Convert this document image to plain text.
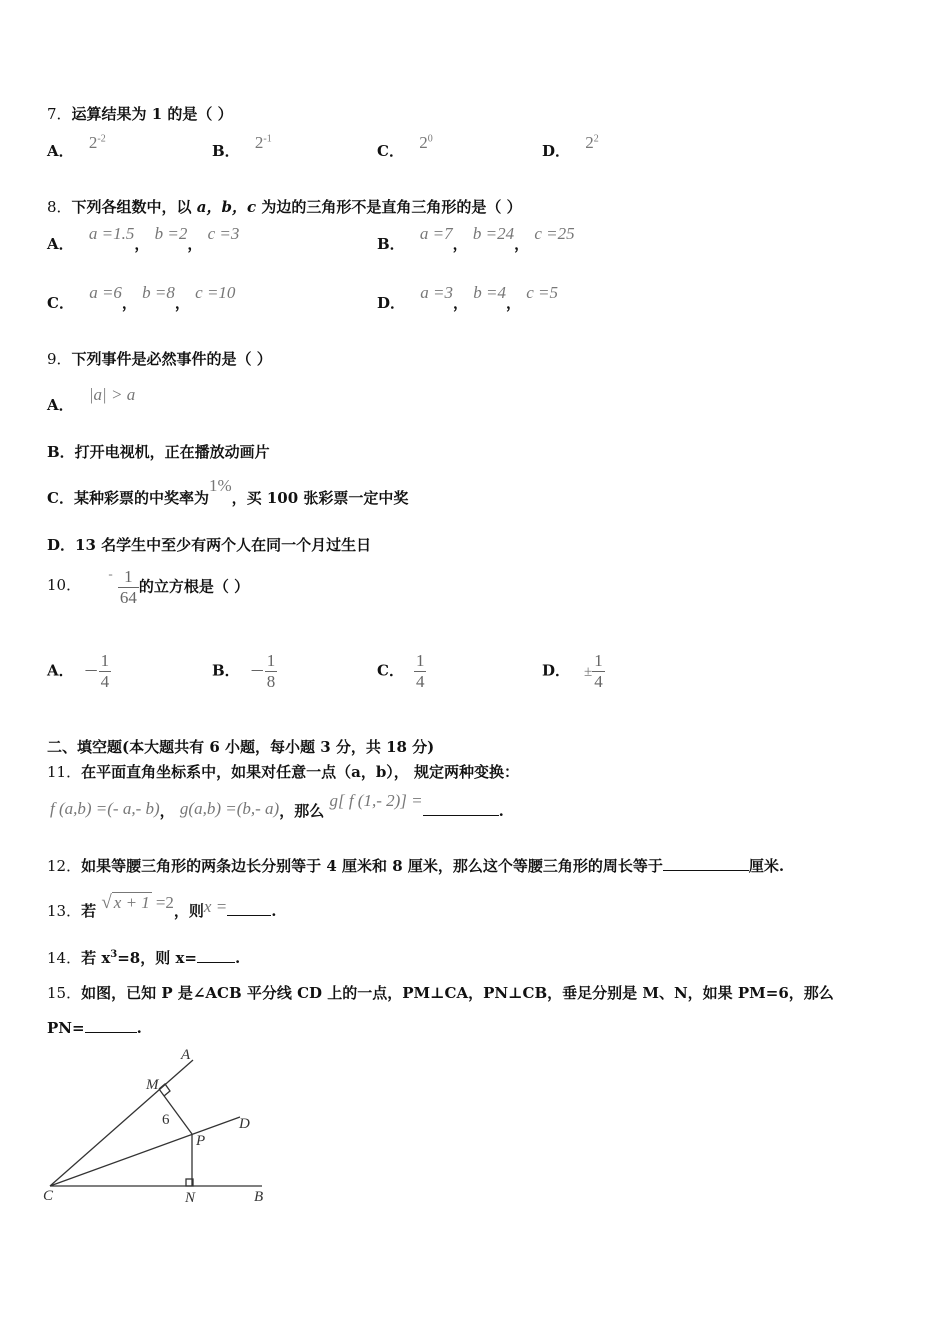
7．运算结果为 1 的是（ ）
A． $2^{-2}$
B． $2^{-1}$
C． $2^0$
D． $2^2$
8．下列各组数中，以 a，b，c 为边的三角形不是直角三角形的是（ ）
A． a =1.5， b =2， c =3
B． a =7， b =24， c =25
C． a =6， b =8， c =10
D． a =3， b =4， c =5
9．下列事件是必然事件的是（ ）
A． |a| > a
B．打开电视机，正在播放动画片
C．某种彩票的中奖率为1%，买 100 张彩票一定中奖
D．13 名学生中至少有两个人在同一个月过生日
10． - $\frac{1}{64}$ 的立方根是（ ）
A． － $\frac{1}{4}$	B． － $\frac{1}{8}$	C． $\frac{1}{4}$	D． ± $\frac{1}{4}$
二、填空题(本大题共有 6 小题，每小题 3 分，共 18 分)
11．在平面直角坐标系中，如果对任意一点（a，b）， 规定两种变换：
f (a,b) =(- a,- b)， g(a,b) =(b,- a)，那么 g[ f (1,- 2)] =.
12．如果等腰三角形的两条边长分别等于 4 厘米和 8 厘米，那么这个等腰三角形的周长等于	厘米.
13．若 √ x + 1 =2，则x =	.
14．若 $x^3=8$，则 x=	.
15．如图，已知 P 是∠ACB 平分线 CD 上的一点，PM⊥CA，PN⊥CB，垂足分别是 M、N，如果 PM=6，那么
PN=	.
A
M
6	D
P
C	N	B
